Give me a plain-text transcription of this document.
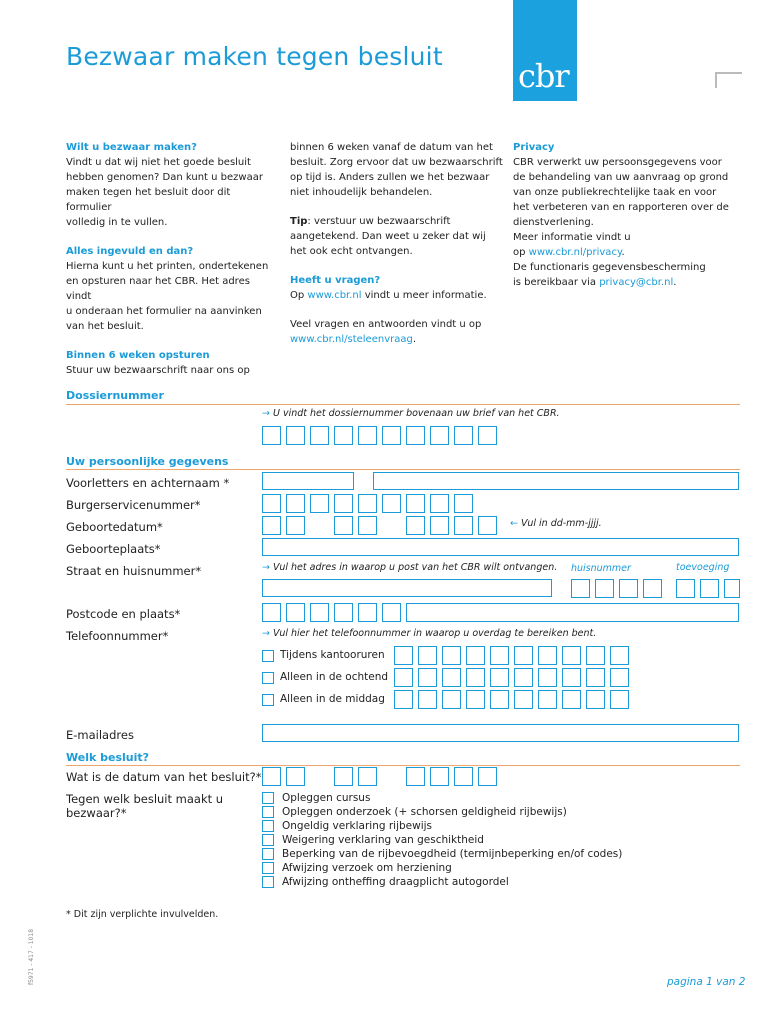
Bezwaar maken tegen besluit
cbr
Wilt u bezwaar maken?
Vindt u dat wij niet het goede besluit
hebben genomen? Dan kunt u bezwaar
maken tegen het besluit door dit formulier
volledig in te vullen.
Alles ingevuld en dan?
Hierna kunt u het printen, ondertekenen
en opsturen naar het CBR. Het adres vindt
u onderaan het formulier na aanvinken
van het besluit.
Binnen 6 weken opsturen
Stuur uw bezwaarschrift naar ons op
binnen 6 weken vanaf de datum van het
besluit. Zorg ervoor dat uw bezwaarschrift
op tijd is. Anders zullen we het bezwaar
niet inhoudelijk behandelen.
Tip: verstuur uw bezwaarschrift
aangetekend. Dan weet u zeker dat wij
het ook echt ontvangen.
Heeft u vragen?
Op www.cbr.nl vindt u meer informatie.
Veel vragen en antwoorden vindt u op
www.cbr.nl/steleenvraag.
Privacy
CBR verwerkt uw persoonsgegevens voor
de behandeling van uw aanvraag op grond
van onze publiekrechtelijke taak en voor
het verbeteren van en rapporteren over de
dienstverlening.
Meer informatie vindt u
op www.cbr.nl/privacy.
De functionaris gegevensbescherming
is bereikbaar via privacy@cbr.nl.
Dossiernummer
→ U vindt het dossiernummer bovenaan uw brief van het CBR.
Uw persoonlijke gegevens
Voorletters en achternaam *
Burgerservicenummer*
Geboortedatum*	← Vul in dd-mm-jjjj.
Geboorteplaats*
Straat en huisnummer*	→ Vul het adres in waarop u post van het CBR wilt ontvangen. huisnummer	toevoeging
Postcode en plaats*
Telefoonnummer*	→ Vul hier het telefoonnummer in waarop u overdag te bereiken bent.
Tijdens kantooruren
Alleen in de ochtend
Alleen in de middag
E-mailadres
Welk besluit?
Wat is de datum van het besluit?*
Tegen welk besluit maakt u
bezwaar?*
Opleggen cursus
Opleggen onderzoek (+ schorsen geldigheid rijbewijs)
Ongeldig verklaring rijbewijs
Weigering verklaring van geschiktheid
Beperking van de rijbevoegdheid (termijnbeperking en/of codes)
Afwijzing verzoek om herziening
Afwijzing ontheffing draagplicht autogordel
* Dit zijn verplichte invulvelden.
pagina 1 van 2
f5971 - 417 - 1018
